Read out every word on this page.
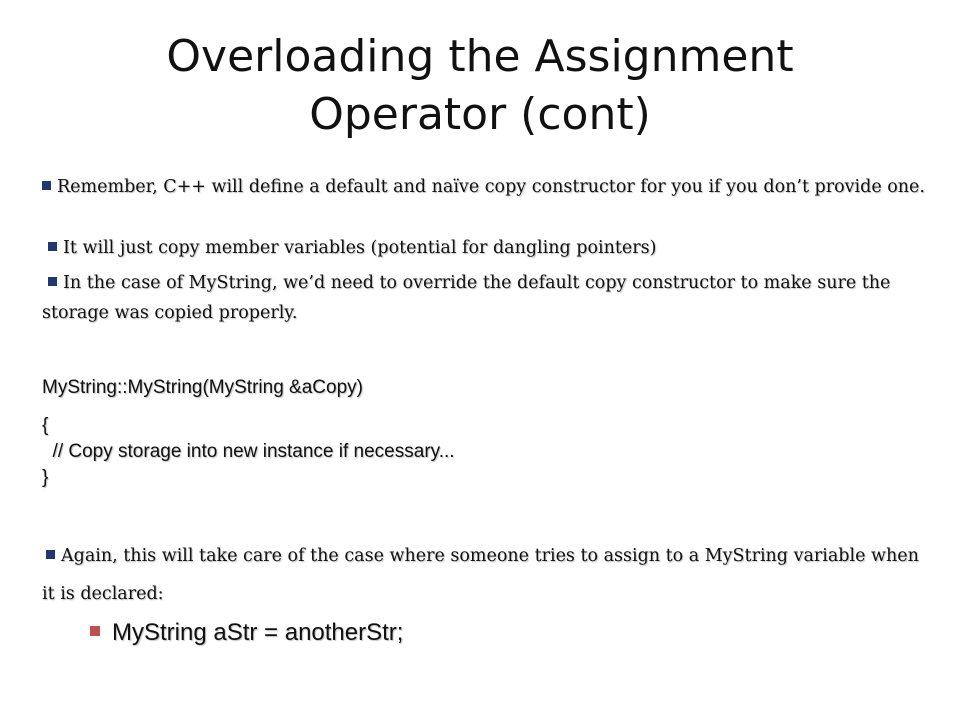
Overloading the Assignment
Operator (cont)
Remember, C++ will define a default and naïve copy constructor for you if you don’t provide one.
It will just copy member variables (potential for dangling pointers)
In the case of MyString, we’d need to override the default copy constructor to make sure the storage was copied properly.
MyString::MyString(MyString &aCopy)
{
// Copy storage into new instance if necessary...
}
Again, this will take care of the case where someone tries to assign to a MyString variable when it is declared:
MyString aStr = anotherStr;
